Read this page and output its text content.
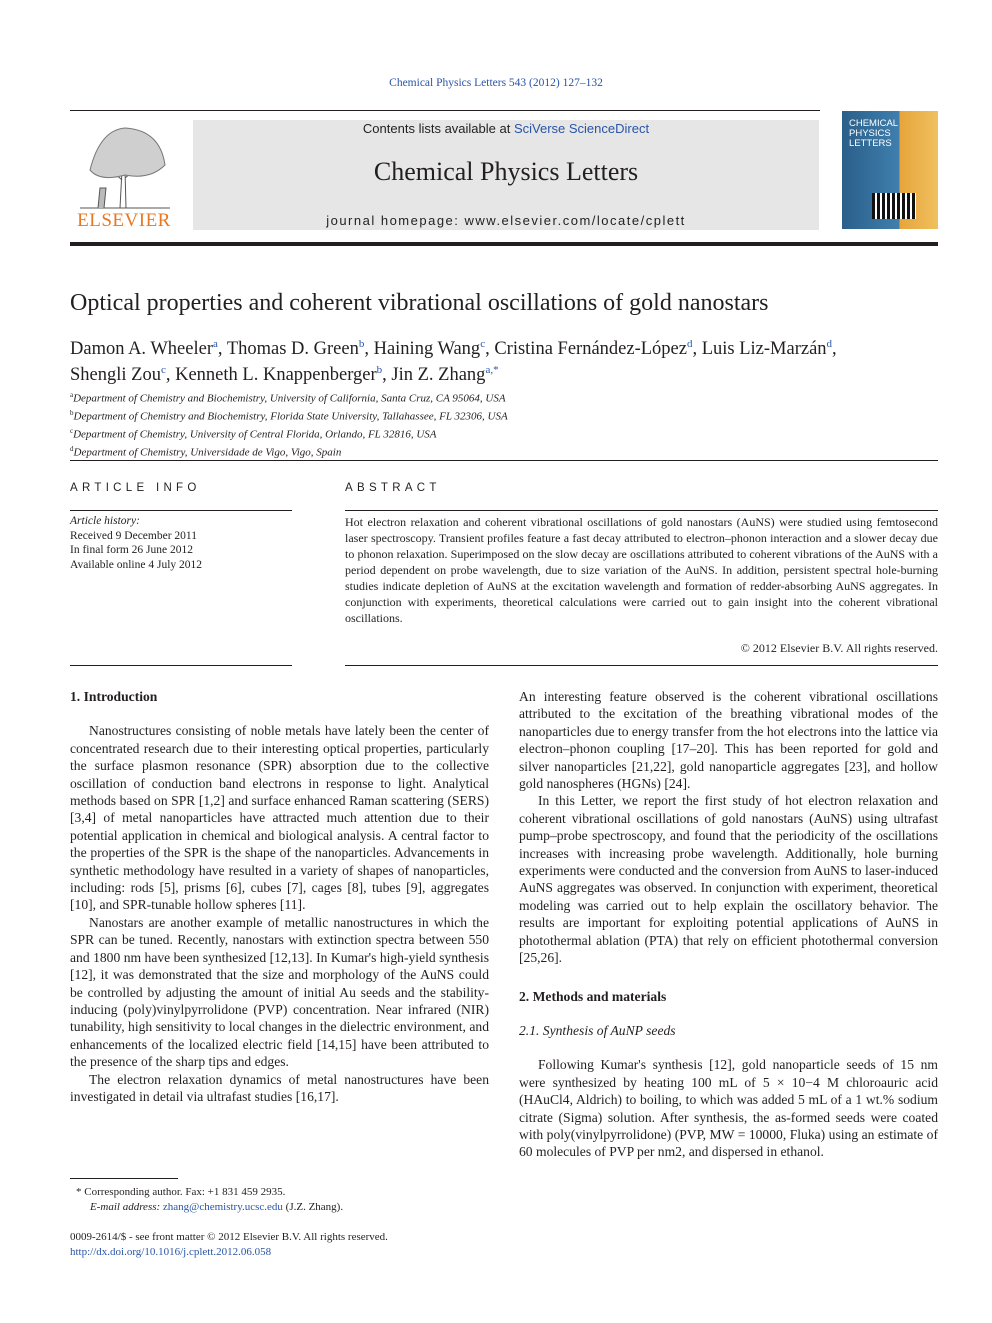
Chemical Physics Letters 543 (2012) 127–132
ELSEVIER
Contents lists available at SciVerse ScienceDirect
Chemical Physics Letters
journal homepage: www.elsevier.com/locate/cplett
CHEMICAL
PHYSICS
LETTERS
Optical properties and coherent vibrational oscillations of gold nanostars
Damon A. Wheeler$^a$, Thomas D. Green$^b$, Haining Wang$^c$, Cristina Fernández-López$^d$, Luis Liz-Marzán$^d$,
Shengli Zou$^c$, Kenneth L. Knappenberger$^b$, Jin Z. Zhang$^{a,*}$
$^a$Department of Chemistry and Biochemistry, University of California, Santa Cruz, CA 95064, USA
$^b$Department of Chemistry and Biochemistry, Florida State University, Tallahassee, FL 32306, USA
$^c$Department of Chemistry, University of Central Florida, Orlando, FL 32816, USA
$^d$Department of Chemistry, Universidade de Vigo, Vigo, Spain
ARTICLE INFO
Article history:
Received 9 December 2011
In final form 26 June 2012
Available online 4 July 2012
ABSTRACT
Hot electron relaxation and coherent vibrational oscillations of gold nanostars (AuNS) were studied using femtosecond laser spectroscopy. Transient profiles feature a fast decay attributed to electron–phonon interaction and a slower decay due to phonon relaxation. Superimposed on the slow decay are oscillations attributed to coherent vibrations of the AuNS with a period dependent on probe wavelength, due to size variation of the AuNS. In addition, persistent spectral hole-burning studies indicate depletion of AuNS at the excitation wavelength and formation of redder-absorbing AuNS aggregates. In conjunction with experiments, theoretical calculations were carried out to gain insight into the coherent vibrational oscillations.
© 2012 Elsevier B.V. All rights reserved.
1. Introduction

Nanostructures consisting of noble metals have lately been the center of concentrated research due to their interesting optical properties, particularly the surface plasmon resonance (SPR) absorption due to the collective oscillation of conduction band electrons in response to light. Analytical methods based on SPR [1,2] and surface enhanced Raman scattering (SERS) [3,4] of metal nanoparticles have attracted much attention due to their potential application in chemical and biological analysis. A central factor to the properties of the SPR is the shape of the nanoparticles. Advancements in synthetic methodology have resulted in a variety of shapes of nanoparticles, including: rods [5], prisms [6], cubes [7], cages [8], tubes [9], aggregates [10], and SPR-tunable hollow spheres [11].

Nanostars are another example of metallic nanostructures in which the SPR can be tuned. Recently, nanostars with extinction spectra between 550 and 1800 nm have been synthesized [12,13]. In Kumar's high-yield synthesis [12], it was demonstrated that the size and morphology of the AuNS could be controlled by adjusting the amount of initial Au seeds and the stability-inducing (poly)vinylpyrrolidone (PVP) concentration. Near infrared (NIR) tunability, high sensitivity to local changes in the dielectric environment, and enhancements of the localized electric field [14,15] have been attributed to the presence of the sharp tips and edges.

The electron relaxation dynamics of metal nanostructures have been investigated in detail via ultrafast studies [16,17].

* Corresponding author. Fax: +1 831 459 2935.
E-mail address: zhang@chemistry.ucsc.edu (J.Z. Zhang).
0009-2614/$ - see front matter © 2012 Elsevier B.V. All rights reserved.
http://dx.doi.org/10.1016/j.cplett.2012.06.058

An interesting feature observed is the coherent vibrational oscillations attributed to the excitation of the breathing vibrational modes of the nanoparticles due to energy transfer from the hot electrons into the lattice via electron–phonon coupling [17–20]. This has been reported for gold and silver nanoparticles [21,22], gold nanoparticle aggregates [23], and hollow gold nanospheres (HGNs) [24].

In this Letter, we report the first study of hot electron relaxation and coherent vibrational oscillations of gold nanostars (AuNS) using ultrafast pump–probe spectroscopy, and found that the periodicity of the oscillations increases with increasing probe wavelength. Additionally, hole burning experiments were conducted and the conversion from AuNS to laser-induced AuNS aggregates was observed. In conjunction with experiment, theoretical modeling was carried out to help explain the oscillatory behavior. The results are important for exploiting potential applications of AuNS in photothermal ablation (PTA) that rely on efficient photothermal conversion [25,26].

2. Methods and materials
2.1. Synthesis of AuNP seeds

Following Kumar's synthesis [12], gold nanoparticle seeds of 15 nm were synthesized by heating 100 mL of 5 × 10−4 M chloroauric acid (HAuCl4, Aldrich) to boiling, to which was added 5 mL of a 1 wt.% sodium citrate (Sigma) solution. After synthesis, the as-formed seeds were coated with poly(vinylpyrrolidone) (PVP, MW = 10000, Fluka) using an estimate of 60 molecules of PVP per nm2, and dispersed in ethanol.
